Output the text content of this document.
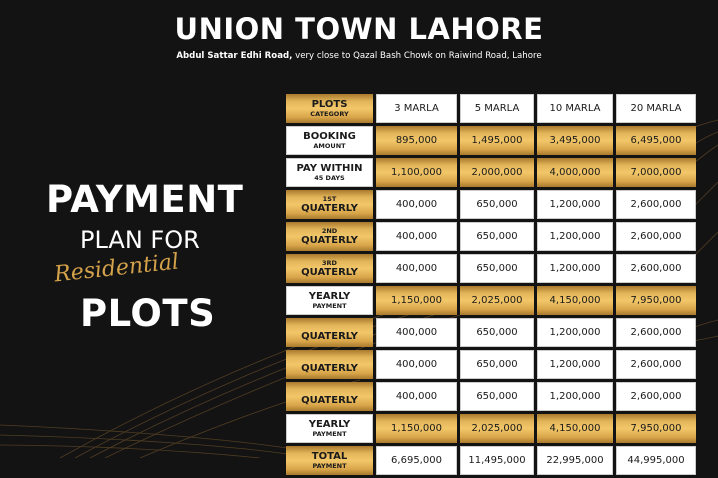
UNION TOWN LAHORE
Abdul Sattar Edhi Road, very close to Qazal Bash Chowk on Raiwind Road, Lahore
PAYMENT
PLAN FOR
Residential
PLOTS
PLOTS
CATEGORY	3 MARLA	5 MARLA	10 MARLA	20 MARLA

BOOKING
AMOUNT	895,000	1,495,000	3,495,000	6,495,000

PAY WITHIN
45 DAYS	1,100,000	2,000,000	4,000,000	7,000,000

1ST
QUATERLY	400,000	650,000	1,200,000	2,600,000

2ND
QUATERLY	400,000	650,000	1,200,000	2,600,000

3RD
QUATERLY	400,000	650,000	1,200,000	2,600,000

YEARLY
PAYMENT	1,150,000	2,025,000	4,150,000	7,950,000

QUATERLY	400,000	650,000	1,200,000	2,600,000

QUATERLY	400,000	650,000	1,200,000	2,600,000

QUATERLY	400,000	650,000	1,200,000	2,600,000

YEARLY
PAYMENT	1,150,000	2,025,000	4,150,000	7,950,000

TOTAL
PAYMENT	6,695,000	11,495,000	22,995,000	44,995,000
